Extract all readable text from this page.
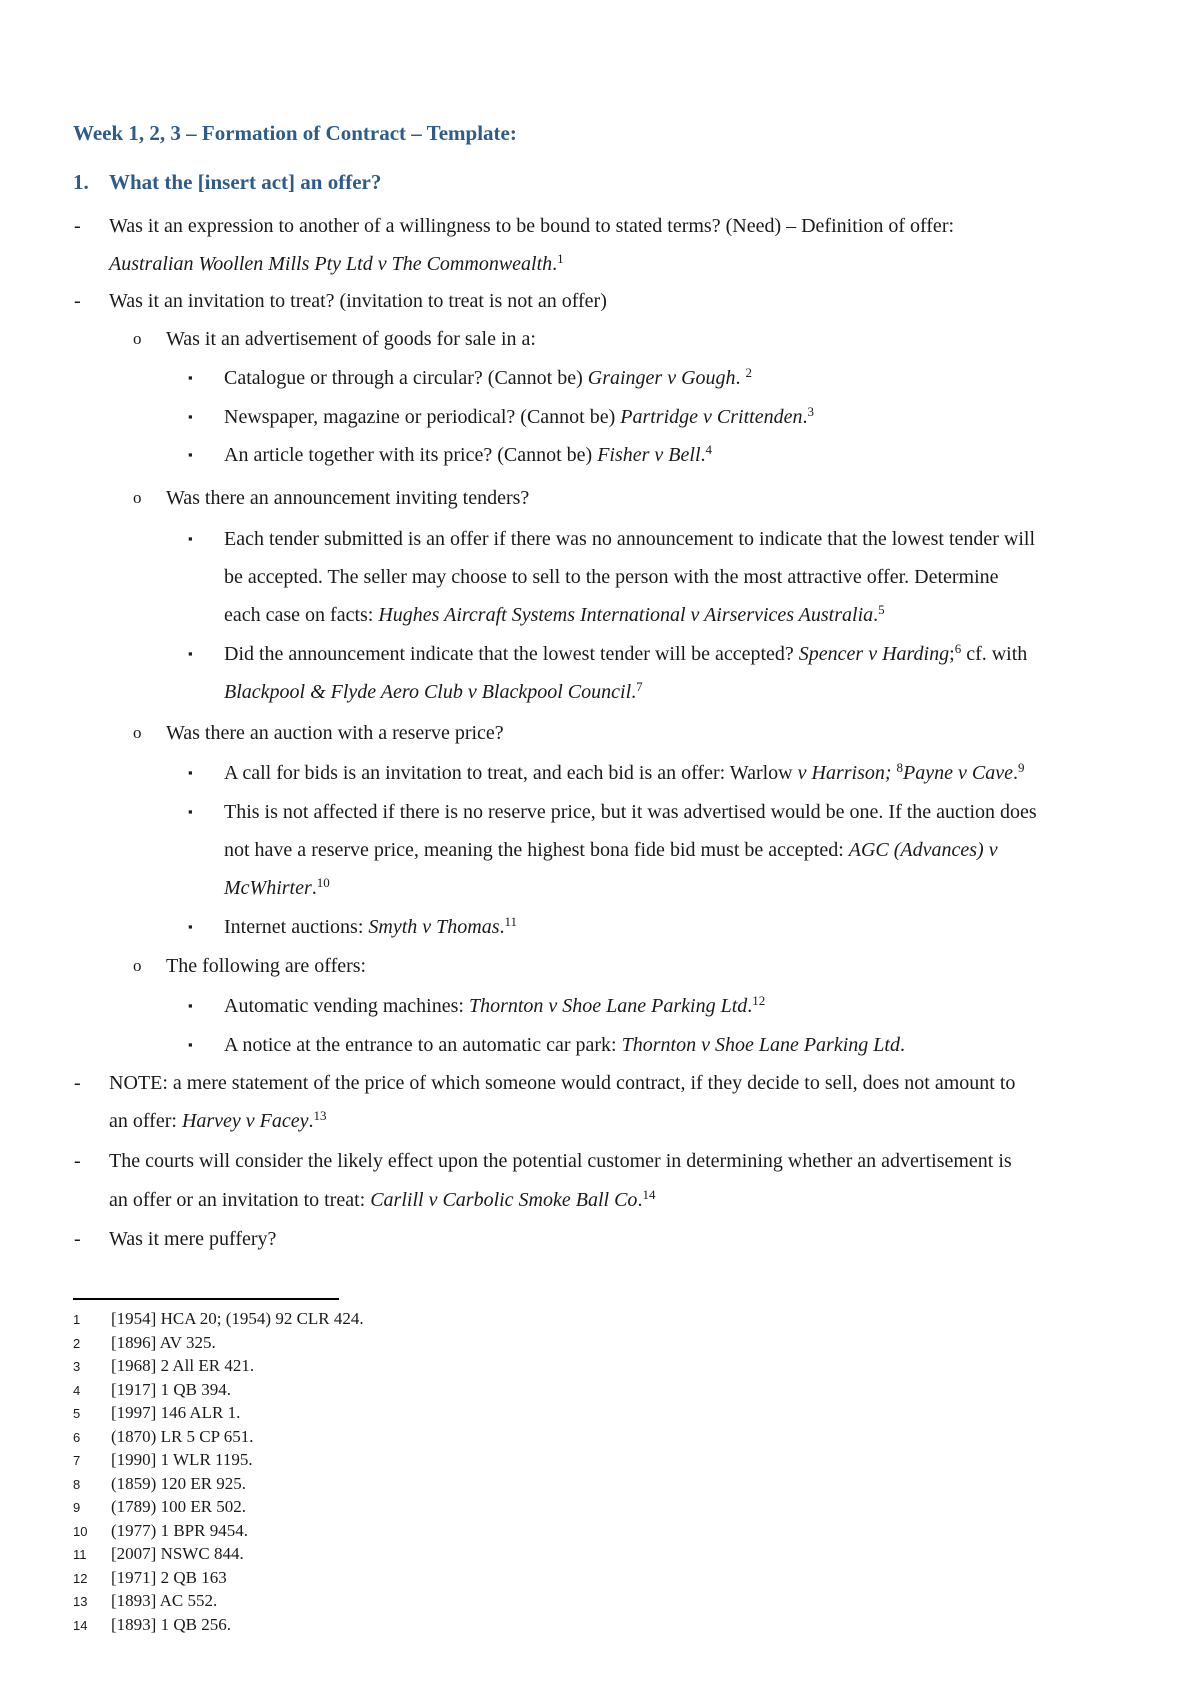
Week 1, 2, 3 – Formation of Contract – Template:
1. What the [insert act] an offer?
- Was it an expression to another of a willingness to be bound to stated terms? (Need) – Definition of offer:
Australian Woollen Mills Pty Ltd v The Commonwealth.$^1$
- Was it an invitation to treat? (invitation to treat is not an offer)
o Was it an advertisement of goods for sale in a:
▪ Catalogue or through a circular? (Cannot be) Grainger v Gough. $^2$
▪ Newspaper, magazine or periodical? (Cannot be) Partridge v Crittenden.$^3$
▪ An article together with its price? (Cannot be) Fisher v Bell.$^4$
o Was there an announcement inviting tenders?
▪ Each tender submitted is an offer if there was no announcement to indicate that the lowest tender will
be accepted. The seller may choose to sell to the person with the most attractive offer. Determine
each case on facts: Hughes Aircraft Systems International v Airservices Australia.$^5$
▪ Did the announcement indicate that the lowest tender will be accepted? Spencer v Harding;$^6$ cf. with
Blackpool & Flyde Aero Club v Blackpool Council.$^7$
o Was there an auction with a reserve price?
▪ A call for bids is an invitation to treat, and each bid is an offer: Warlow v Harrison; $^8$Payne v Cave.$^9$
▪ This is not affected if there is no reserve price, but it was advertised would be one. If the auction does
not have a reserve price, meaning the highest bona fide bid must be accepted: AGC (Advances) v
McWhirter.$^{10}$
▪ Internet auctions: Smyth v Thomas.$^{11}$
o The following are offers:
▪ Automatic vending machines: Thornton v Shoe Lane Parking Ltd.$^{12}$
▪ A notice at the entrance to an automatic car park: Thornton v Shoe Lane Parking Ltd.
- NOTE: a mere statement of the price of which someone would contract, if they decide to sell, does not amount to
an offer: Harvey v Facey.$^{13}$
- The courts will consider the likely effect upon the potential customer in determining whether an advertisement is
an offer or an invitation to treat: Carlill v Carbolic Smoke Ball Co.$^{14}$
- Was it mere puffery?
1 [1954] HCA 20; (1954) 92 CLR 424.
2 [1896] AV 325.
3 [1968] 2 All ER 421.
4 [1917] 1 QB 394.
5 [1997] 146 ALR 1.
6 (1870) LR 5 CP 651.
7 [1990] 1 WLR 1195.
8 (1859) 120 ER 925.
9 (1789) 100 ER 502.
10 (1977) 1 BPR 9454.
11 [2007] NSWC 844.
12 [1971] 2 QB 163
13 [1893] AC 552.
14 [1893] 1 QB 256.
